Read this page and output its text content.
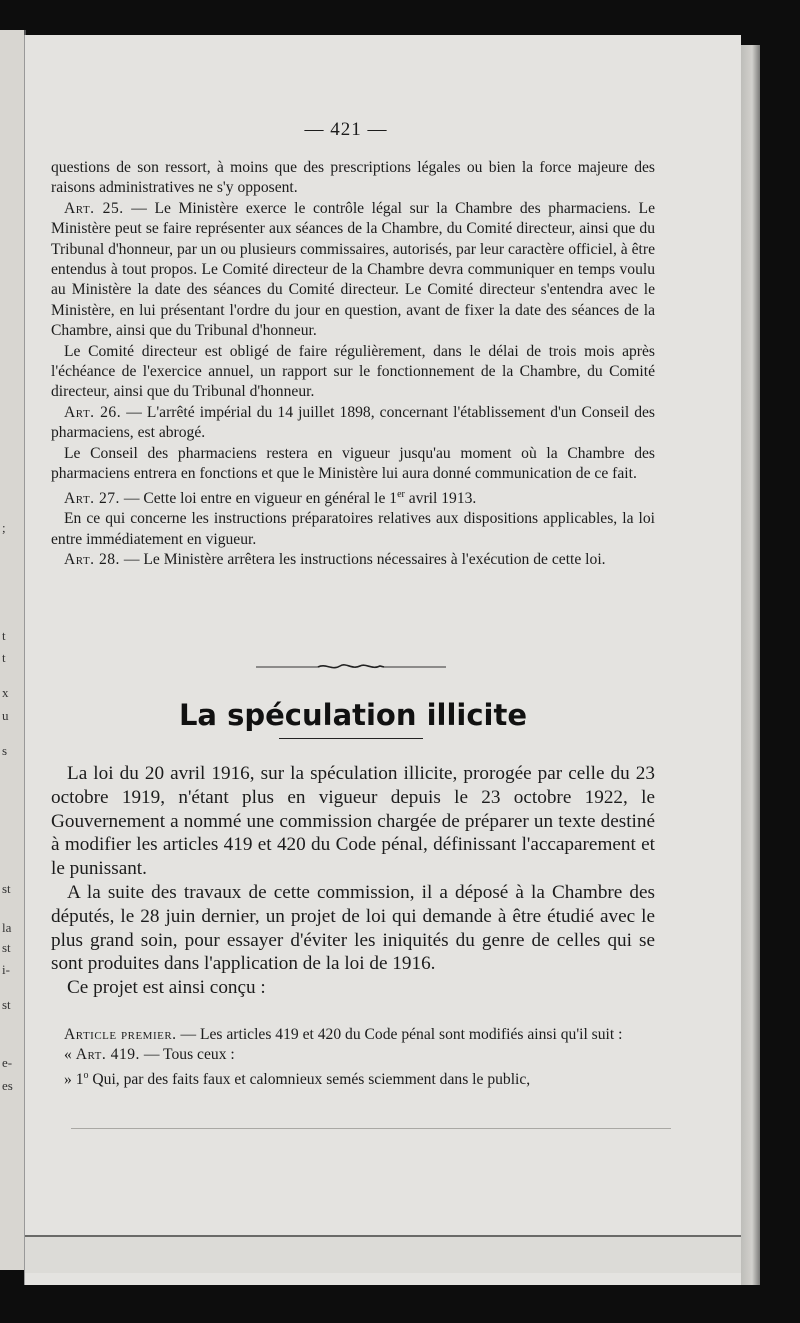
;
t
t
x
u
s
st
la
st
i-
st
e-
es
— 421 —

questions de son ressort, à moins que des prescriptions légales ou bien la force majeure des raisons administratives ne s'y opposent.

Art. 25. — Le Ministère exerce le contrôle légal sur la Chambre des pharmaciens. Le Ministère peut se faire représenter aux séances de la Chambre, du Comité directeur, ainsi que du Tribunal d'honneur, par un ou plusieurs commissaires, autorisés, par leur caractère officiel, à être entendus à tout propos. Le Comité directeur de la Chambre devra communiquer en temps voulu au Ministère la date des séances du Comité directeur. Le Comité directeur s'entendra avec le Ministère, en lui présentant l'ordre du jour en question, avant de fixer la date des séances de la Chambre, ainsi que du Tribunal d'honneur.

Le Comité directeur est obligé de faire régulièrement, dans le délai de trois mois après l'échéance de l'exercice annuel, un rapport sur le fonctionnement de la Chambre, du Comité directeur, ainsi que du Tribunal d'honneur.

Art. 26. — L'arrêté impérial du 14 juillet 1898, concernant l'établissement d'un Conseil des pharmaciens, est abrogé.

Le Conseil des pharmaciens restera en vigueur jusqu'au moment où la Chambre des pharmaciens entrera en fonctions et que le Ministère lui aura donné communication de ce fait.

Art. 27. — Cette loi entre en vigueur en général le 1er avril 1913.

En ce qui concerne les instructions préparatoires relatives aux dispositions applicables, la loi entre immédiatement en vigueur.

Art. 28. — Le Ministère arrêtera les instructions nécessaires à l'exécution de cette loi.

La spéculation illicite

La loi du 20 avril 1916, sur la spéculation illicite, prorogée par celle du 23 octobre 1919, n'étant plus en vigueur depuis le 23 octobre 1922, le Gouvernement a nommé une commission chargée de préparer un texte destiné à modifier les articles 419 et 420 du Code pénal, définissant l'accaparement et le punissant.

A la suite des travaux de cette commission, il a déposé à la Chambre des députés, le 28 juin dernier, un projet de loi qui demande à être étudié avec le plus grand soin, pour essayer d'éviter les iniquités du genre de celles qui se sont produites dans l'application de la loi de 1916.

Ce projet est ainsi conçu :

Article premier. — Les articles 419 et 420 du Code pénal sont modifiés ainsi qu'il suit :

« Art. 419. — Tous ceux :

» 1$^o$ Qui, par des faits faux et calomnieux semés sciemment dans le public,
